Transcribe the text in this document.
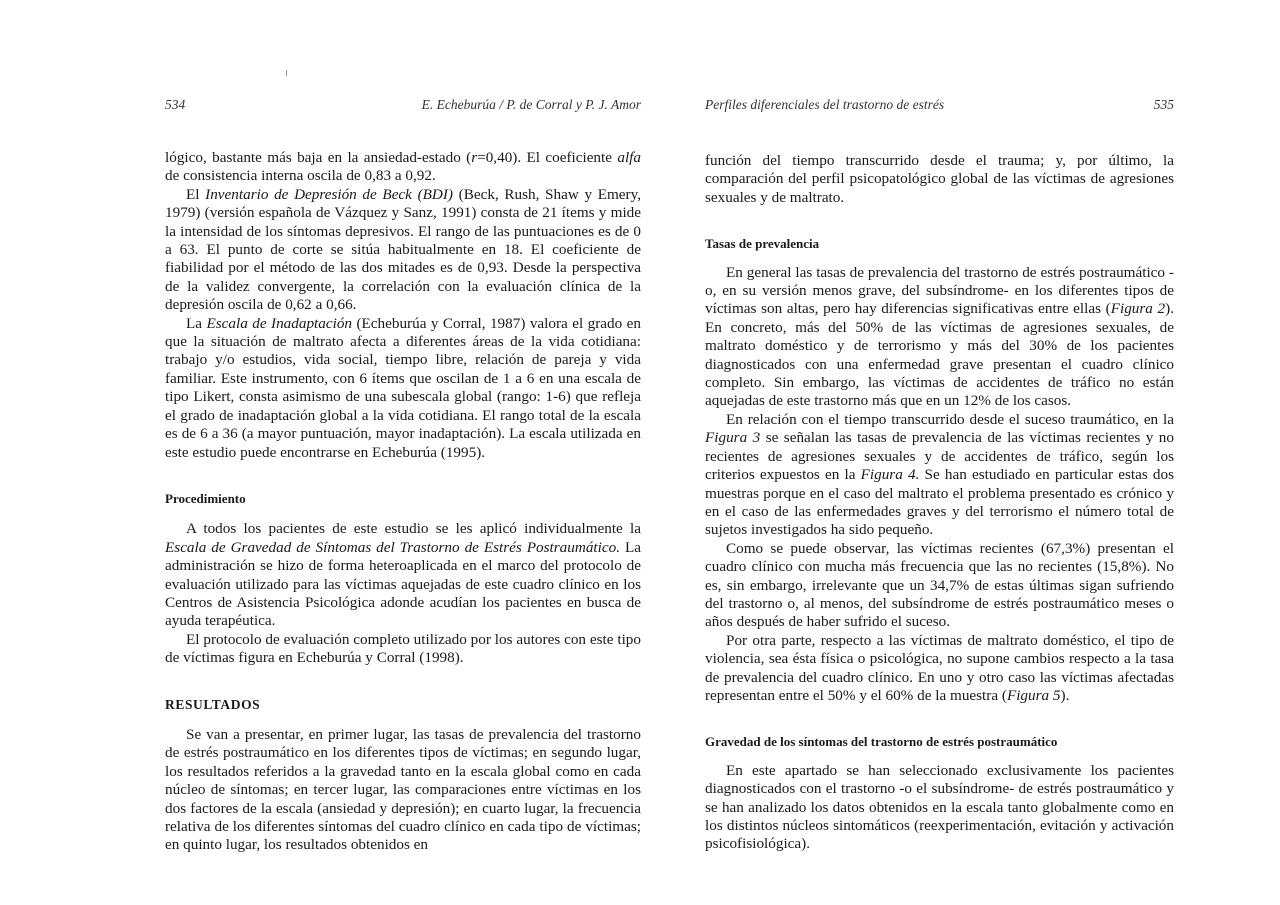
534	E. Echeburúa / P. de Corral y P. J. Amor

lógico, bastante más baja en la ansiedad-estado (r=0,40). El coeficiente alfa de consistencia interna oscila de 0,83 a 0,92.

El Inventario de Depresión de Beck (BDI) (Beck, Rush, Shaw y Emery, 1979) (versión española de Vázquez y Sanz, 1991) consta de 21 ítems y mide la intensidad de los síntomas depresivos. El rango de las puntuaciones es de 0 a 63. El punto de corte se sitúa habitualmente en 18. El coeficiente de fiabilidad por el método de las dos mitades es de 0,93. Desde la perspectiva de la validez convergente, la correlación con la evaluación clínica de la depresión oscila de 0,62 a 0,66.

La Escala de Inadaptación (Echeburúa y Corral, 1987) valora el grado en que la situación de maltrato afecta a diferentes áreas de la vida cotidiana: trabajo y/o estudios, vida social, tiempo libre, relación de pareja y vida familiar. Este instrumento, con 6 ítems que oscilan de 1 a 6 en una escala de tipo Likert, consta asimismo de una subescala global (rango: 1-6) que refleja el grado de inadaptación global a la vida cotidiana. El rango total de la escala es de 6 a 36 (a mayor puntuación, mayor inadaptación). La escala utilizada en este estudio puede encontrarse en Echeburúa (1995).

Procedimiento

A todos los pacientes de este estudio se les aplicó individualmente la Escala de Gravedad de Síntomas del Trastorno de Estrés Postraumático. La administración se hizo de forma heteroaplicada en el marco del protocolo de evaluación utilizado para las víctimas aquejadas de este cuadro clínico en los Centros de Asistencia Psicológica adonde acudían los pacientes en busca de ayuda terapéutica.

El protocolo de evaluación completo utilizado por los autores con este tipo de víctimas figura en Echeburúa y Corral (1998).

RESULTADOS

Se van a presentar, en primer lugar, las tasas de prevalencia del trastorno de estrés postraumático en los diferentes tipos de víctimas; en segundo lugar, los resultados referidos a la gravedad tanto en la escala global como en cada núcleo de síntomas; en tercer lugar, las comparaciones entre víctimas en los dos factores de la escala (ansiedad y depresión); en cuarto lugar, la frecuencia relativa de los diferentes síntomas del cuadro clínico en cada tipo de víctimas; en quinto lugar, los resultados obtenidos en

Perfiles diferenciales del trastorno de estrés	535

función del tiempo transcurrido desde el trauma; y, por último, la comparación del perfil psicopatológico global de las víctimas de agresiones sexuales y de maltrato.

Tasas de prevalencia

En general las tasas de prevalencia del trastorno de estrés postraumático -o, en su versión menos grave, del subsíndrome- en los diferentes tipos de víctimas son altas, pero hay diferencias significativas entre ellas (Figura 2). En concreto, más del 50% de las víctimas de agresiones sexuales, de maltrato doméstico y de terrorismo y más del 30% de los pacientes diagnosticados con una enfermedad grave presentan el cuadro clínico completo. Sin embargo, las víctimas de accidentes de tráfico no están aquejadas de este trastorno más que en un 12% de los casos.

En relación con el tiempo transcurrido desde el suceso traumático, en la Figura 3 se señalan las tasas de prevalencia de las víctimas recientes y no recientes de agresiones sexuales y de accidentes de tráfico, según los criterios expuestos en la Figura 4. Se han estudiado en particular estas dos muestras porque en el caso del maltrato el problema presentado es crónico y en el caso de las enfermedades graves y del terrorismo el número total de sujetos investigados ha sido pequeño.

Como se puede observar, las víctimas recientes (67,3%) presentan el cuadro clínico con mucha más frecuencia que las no recientes (15,8%). No es, sin embargo, irrelevante que un 34,7% de estas últimas sigan sufriendo del trastorno o, al menos, del subsíndrome de estrés postraumático meses o años después de haber sufrido el suceso.

Por otra parte, respecto a las víctimas de maltrato doméstico, el tipo de violencia, sea ésta física o psicológica, no supone cambios respecto a la tasa de prevalencia del cuadro clínico. En uno y otro caso las víctimas afectadas representan entre el 50% y el 60% de la muestra (Figura 5).

Gravedad de los síntomas del trastorno de estrés postraumático

En este apartado se han seleccionado exclusivamente los pacientes diagnosticados con el trastorno -o el subsíndrome- de estrés postraumático y se han analizado los datos obtenidos en la escala tanto globalmente como en los distintos núcleos sintomáticos (reexperimentación, evitación y activación psicofisiológica).
